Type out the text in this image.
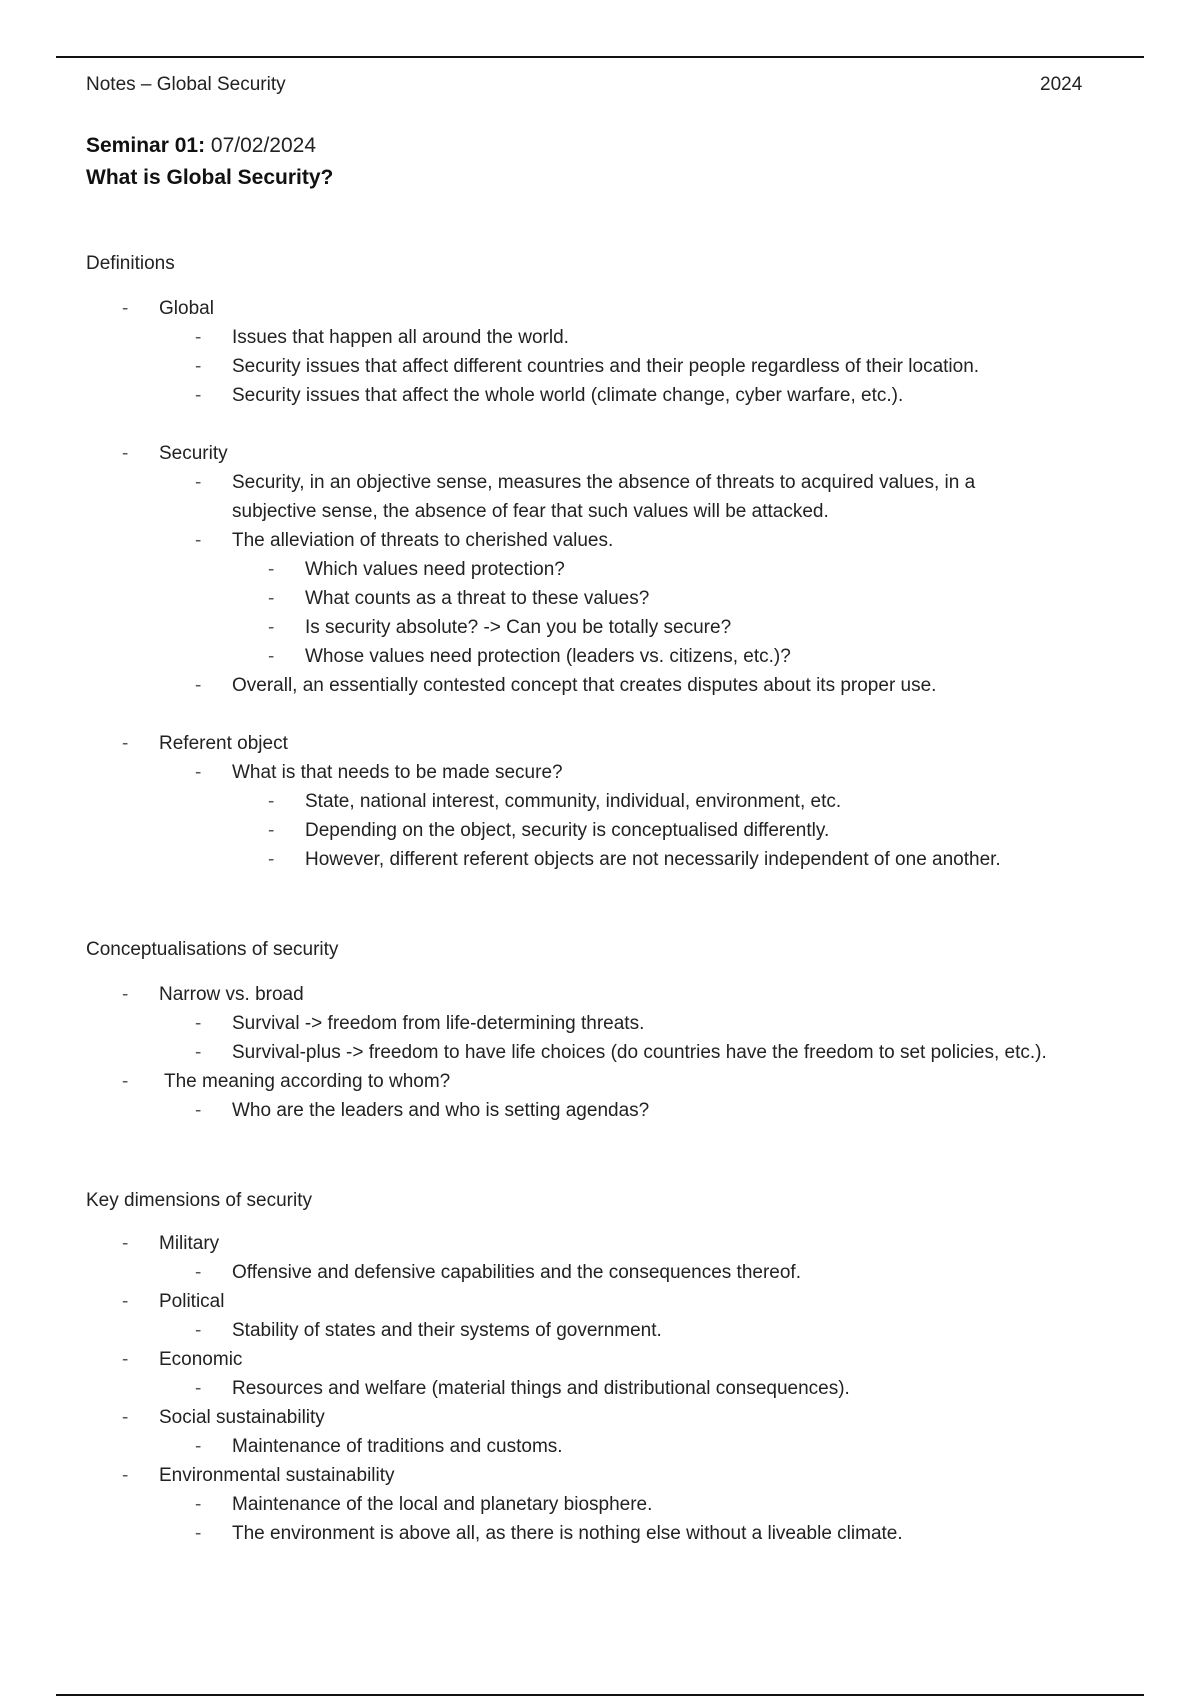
Notes – Global Security	2024
Seminar 01: 07/02/2024
What is Global Security?
Definitions
- Global
- Issues that happen all around the world.
- Security issues that affect different countries and their people regardless of their location.
- Security issues that affect the whole world (climate change, cyber warfare, etc.).
- Security
- Security, in an objective sense, measures the absence of threats to acquired values, in a subjective sense, the absence of fear that such values will be attacked.
- The alleviation of threats to cherished values.
- Which values need protection?
- What counts as a threat to these values?
- Is security absolute? -> Can you be totally secure?
- Whose values need protection (leaders vs. citizens, etc.)?
- Overall, an essentially contested concept that creates disputes about its proper use.
- Referent object
- What is that needs to be made secure?
- State, national interest, community, individual, environment, etc.
- Depending on the object, security is conceptualised differently.
- However, different referent objects are not necessarily independent of one another.
Conceptualisations of security
- Narrow vs. broad
- Survival -> freedom from life-determining threats.
- Survival-plus -> freedom to have life choices (do countries have the freedom to set policies, etc.).
- The meaning according to whom?
- Who are the leaders and who is setting agendas?
Key dimensions of security
- Military
- Offensive and defensive capabilities and the consequences thereof.
- Political
- Stability of states and their systems of government.
- Economic
- Resources and welfare (material things and distributional consequences).
- Social sustainability
- Maintenance of traditions and customs.
- Environmental sustainability
- Maintenance of the local and planetary biosphere.
- The environment is above all, as there is nothing else without a liveable climate.
